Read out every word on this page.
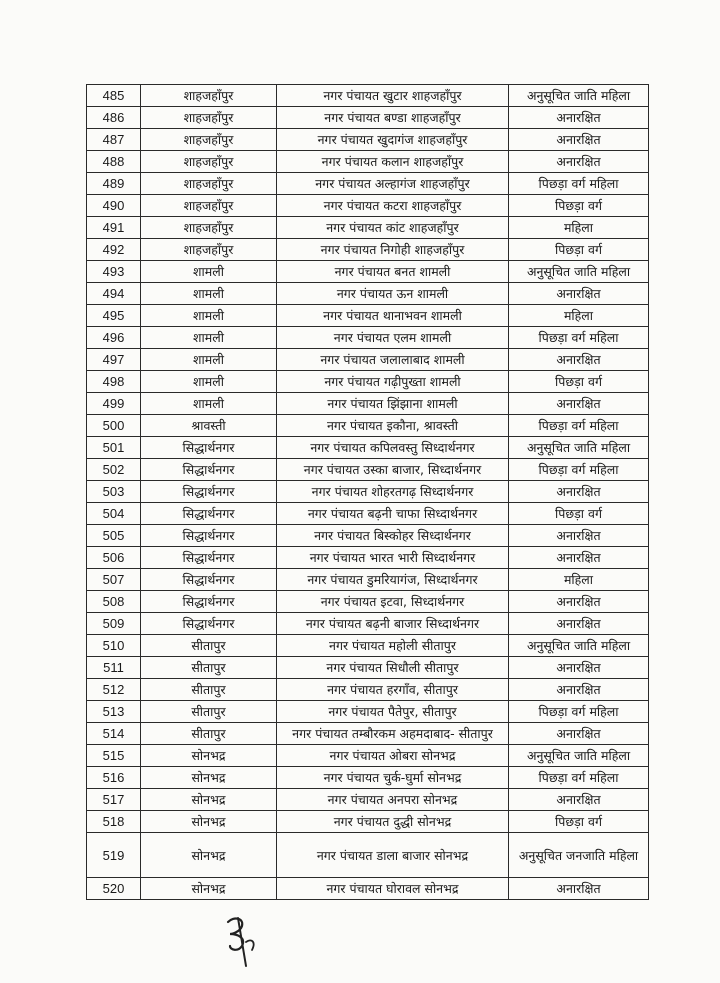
485	शाहजहाँपुर	नगर पंचायत खुटार शाहजहाँपुर	अनुसूचित जाति महिला
486	शाहजहाँपुर	नगर पंचायत बण्डा शाहजहाँपुर	अनारक्षित
487	शाहजहाँपुर	नगर पंचायत खुदागंज शाहजहाँपुर	अनारक्षित
488	शाहजहाँपुर	नगर पंचायत कलान शाहजहाँपुर	अनारक्षित
489	शाहजहाँपुर	नगर पंचायत अल्हागंज शाहजहाँपुर	पिछड़ा वर्ग महिला
490	शाहजहाँपुर	नगर पंचायत कटरा शाहजहाँपुर	पिछड़ा वर्ग
491	शाहजहाँपुर	नगर पंचायत कांट शाहजहाँपुर	महिला
492	शाहजहाँपुर	नगर पंचायत निगोही शाहजहाँपुर	पिछड़ा वर्ग
493	शामली	नगर पंचायत बनत शामली	अनुसूचित जाति महिला
494	शामली	नगर पंचायत ऊन शामली	अनारक्षित
495	शामली	नगर पंचायत थानाभवन शामली	महिला
496	शामली	नगर पंचायत एलम शामली	पिछड़ा वर्ग महिला
497	शामली	नगर पंचायत जलालाबाद शामली	अनारक्षित
498	शामली	नगर पंचायत गढ़ीपुख्ता शामली	पिछड़ा वर्ग
499	शामली	नगर पंचायत झिंझाना शामली	अनारक्षित
500	श्रावस्ती	नगर पंचायत इकौना, श्रावस्ती	पिछड़ा वर्ग महिला
501	सिद्धार्थनगर	नगर पंचायत कपिलवस्तु सिध्दार्थनगर	अनुसूचित जाति महिला
502	सिद्धार्थनगर	नगर पंचायत उस्का बाजार, सिध्दार्थनगर	पिछड़ा वर्ग महिला
503	सिद्धार्थनगर	नगर पंचायत शोहरतगढ़ सिध्दार्थनगर	अनारक्षित
504	सिद्धार्थनगर	नगर पंचायत बढ़नी चाफा सिध्दार्थनगर	पिछड़ा वर्ग
505	सिद्धार्थनगर	नगर पंचायत बिस्कोहर सिध्दार्थनगर	अनारक्षित
506	सिद्धार्थनगर	नगर पंचायत भारत भारी सिध्दार्थनगर	अनारक्षित
507	सिद्धार्थनगर	नगर पंचायत डुमरियागंज, सिध्दार्थनगर	महिला
508	सिद्धार्थनगर	नगर पंचायत इटवा, सिध्दार्थनगर	अनारक्षित
509	सिद्धार्थनगर	नगर पंचायत बढ़नी बाजार सिध्दार्थनगर	अनारक्षित
510	सीतापुर	नगर पंचायत महोली सीतापुर	अनुसूचित जाति महिला
511	सीतापुर	नगर पंचायत सिधौली सीतापुर	अनारक्षित
512	सीतापुर	नगर पंचायत हरगाँव, सीतापुर	अनारक्षित
513	सीतापुर	नगर पंचायत पैतेपुर, सीतापुर	पिछड़ा वर्ग महिला
514	सीतापुर	नगर पंचायत तम्बौरकम अहमदाबाद- सीतापुर	अनारक्षित
515	सोनभद्र	नगर पंचायत ओबरा सोनभद्र	अनुसूचित जाति महिला
516	सोनभद्र	नगर पंचायत चुर्क-घुर्मा सोनभद्र	पिछड़ा वर्ग महिला
517	सोनभद्र	नगर पंचायत अनपरा सोनभद्र	अनारक्षित
518	सोनभद्र	नगर पंचायत दुद्धी सोनभद्र	पिछड़ा वर्ग
519	सोनभद्र	नगर पंचायत डाला बाजार सोनभद्र	अनुसूचित जनजाति महिला
520	सोनभद्र	नगर पंचायत घोरावल सोनभद्र	अनारक्षित
